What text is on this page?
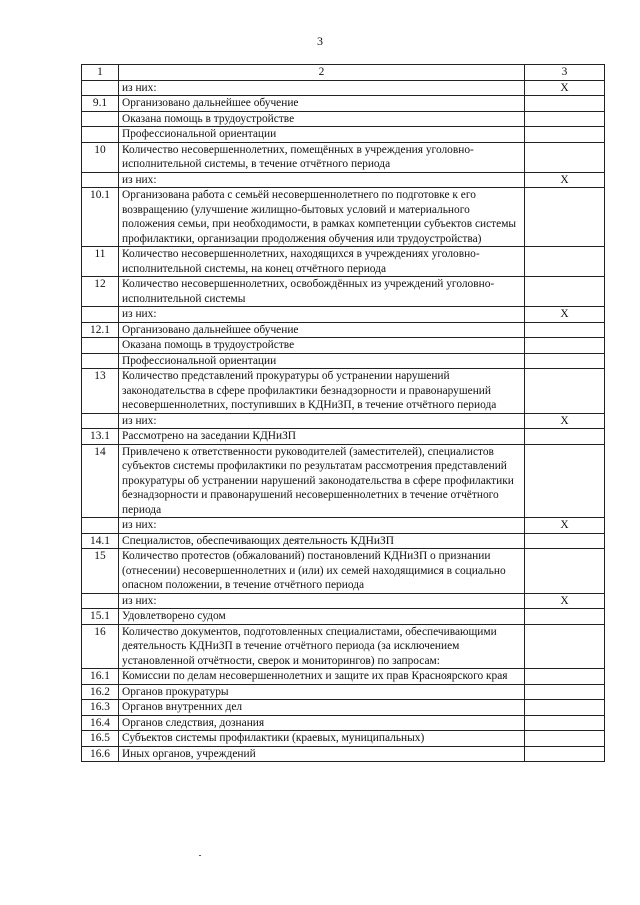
3
1	2	3
	из них:	X
9.1	Организовано дальнейшее обучение	
	Оказана помощь в трудоустройстве	
	Профессиональной ориентации	
10	Количество несовершеннолетних, помещённых в учреждения уголовно-исполнительной системы, в течение отчётного периода	
	из них:	X
10.1	Организована работа с семьёй несовершеннолетнего по подготовке к его возвращению (улучшение жилищно-бытовых условий и материального положения семьи, при необходимости, в рамках компетенции субъектов системы профилактики, организации продолжения обучения или трудоустройства)	
11	Количество несовершеннолетних, находящихся в учреждениях уголовно-исполнительной системы, на конец отчётного периода	
12	Количество несовершеннолетних, освобождённых из учреждений уголовно-исполнительной системы	
	из них:	X
12.1	Организовано дальнейшее обучение	
	Оказана помощь в трудоустройстве	
	Профессиональной ориентации	
13	Количество представлений прокуратуры об устранении нарушений законодательства в сфере профилактики безнадзорности и правонарушений несовершеннолетних, поступивших в КДНиЗП, в течение отчётного периода	
	из них:	X
13.1	Рассмотрено на заседании КДНиЗП	
14	Привлечено к ответственности руководителей (заместителей), специалистов субъектов системы профилактики по результатам рассмотрения представлений прокуратуры об устранении нарушений законодательства в сфере профилактики безнадзорности и правонарушений несовершеннолетних в течение отчётного периода	
	из них:	X
14.1	Специалистов, обеспечивающих деятельность КДНиЗП	
15	Количество протестов (обжалований) постановлений КДНиЗП о признании (отнесении) несовершеннолетних и (или) их семей находящимися в социально опасном положении, в течение отчётного периода	
	из них:	X
15.1	Удовлетворено судом	
16	Количество документов, подготовленных специалистами, обеспечивающими деятельность КДНиЗП в течение отчётного периода (за исключением установленной отчётности, сверок и мониторингов) по запросам:	
16.1	Комиссии по делам несовершеннолетних и защите их прав Красноярского края	
16.2	Органов прокуратуры	
16.3	Органов внутренних дел	
16.4	Органов следствия, дознания	
16.5	Субъектов системы профилактики (краевых, муниципальных)	
16.6	Иных органов, учреждений	
